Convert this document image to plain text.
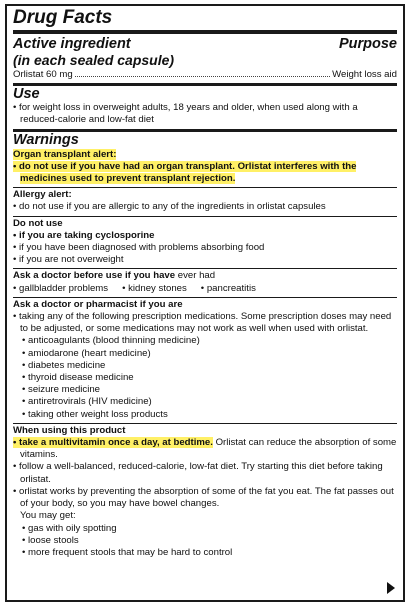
Drug Facts
Active ingredient	Purpose
(in each sealed capsule)
Orlistat 60 mg	Weight loss aid
Use
• for weight loss in overweight adults, 18 years and older, when used along with a reduced-calorie and low-fat diet
Warnings
Organ transplant alert:
• do not use if you have had an organ transplant. Orlistat interferes with the medicines used to prevent transplant rejection.
Allergy alert:
• do not use if you are allergic to any of the ingredients in orlistat capsules
Do not use
• if you are taking cyclosporine
• if you have been diagnosed with problems absorbing food
• if you are not overweight
Ask a doctor before use if you have ever had
• gallbladder problems • kidney stones • pancreatitis
Ask a doctor or pharmacist if you are
• taking any of the following prescription medications. Some prescription doses may need to be adjusted, or some medications may not work as well when used with orlistat.
• anticoagulants (blood thinning medicine)
• amiodarone (heart medicine)
• diabetes medicine
• thyroid disease medicine
• seizure medicine
• antiretrovirals (HIV medicine)
• taking other weight loss products
When using this product
• take a multivitamin once a day, at bedtime. Orlistat can reduce the absorption of some vitamins.
• follow a well-balanced, reduced-calorie, low-fat diet. Try starting this diet before taking orlistat.
• orlistat works by preventing the absorption of some of the fat you eat. The fat passes out of your body, so you may have bowel changes.
You may get:
• gas with oily spotting
• loose stools
• more frequent stools that may be hard to control
